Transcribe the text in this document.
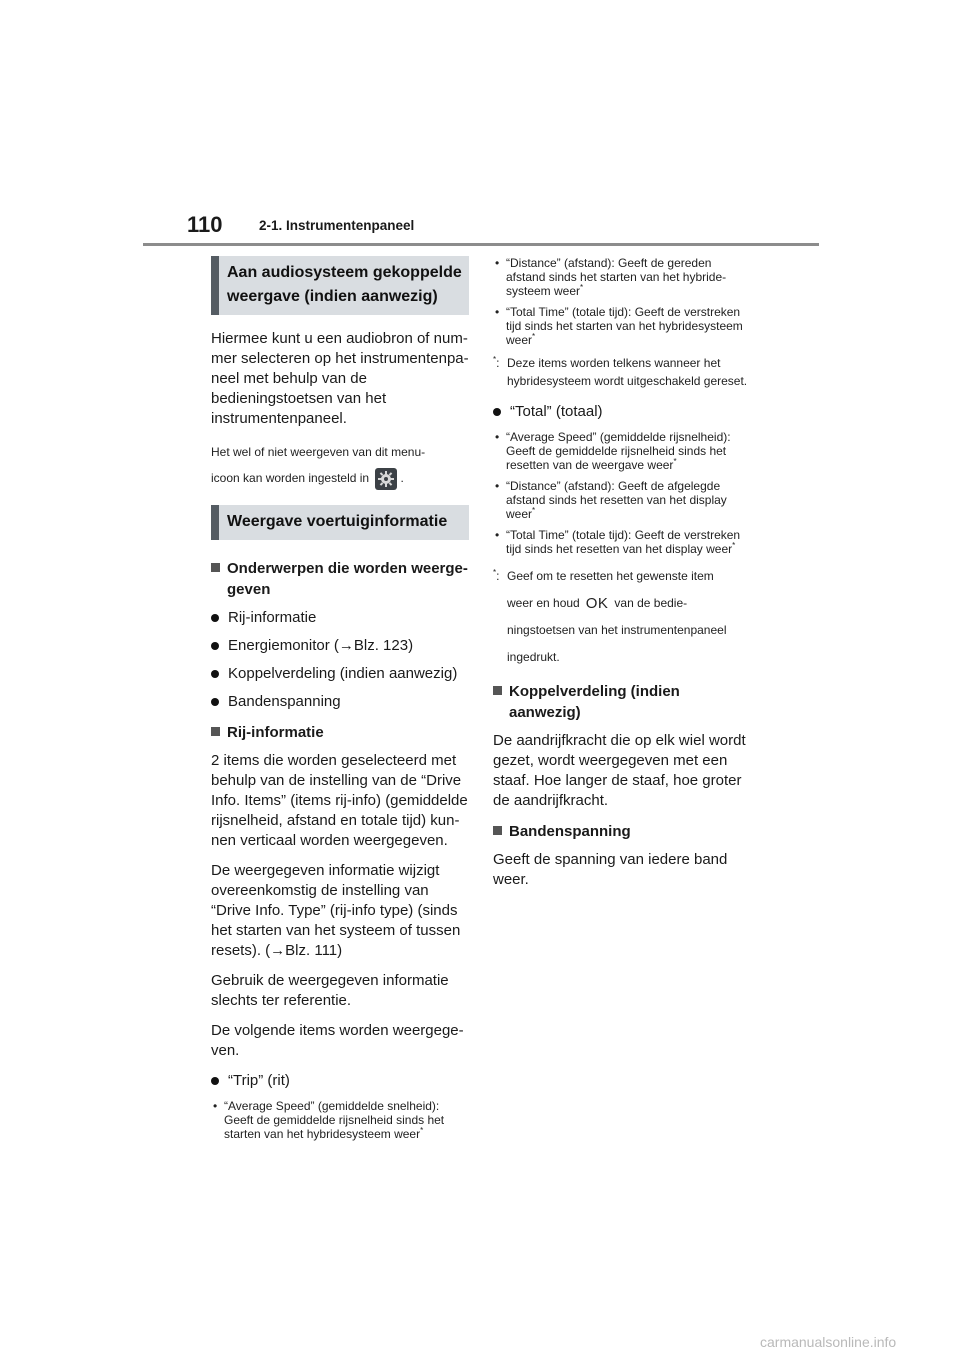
110	2-1. Instrumentenpaneel
Aan audiosysteem gekoppelde weergave (indien aanwezig)

Hiermee kunt u een audiobron of nummer selecteren op het instrumentenpaneel met behulp van de bedieningstoetsen van het instrumentenpaneel.

Het wel of niet weergeven van dit menu-

icoon kan worden ingesteld in	.

Weergave voertuiginformatie
Onderwerpen die worden weergegeven
Rij-informatie
Energiemonitor (→Blz. 123)
Koppelverdeling (indien aanwezig)
Bandenspanning
Rij-informatie

2 items die worden geselecteerd met behulp van de instelling van de “Drive Info. Items” (items rij-info) (gemiddelde rijsnelheid, afstand en totale tijd) kunnen verticaal worden weergegeven.

De weergegeven informatie wijzigt overeenkomstig de instelling van “Drive Info. Type” (rij-info type) (sinds het starten van het systeem of tussen resets). (→Blz. 111)

Gebruik de weergegeven informatie slechts ter referentie.

De volgende items worden weergegeven.

“Trip” (rit)
• “Average Speed” (gemiddelde snelheid): Geeft de gemiddelde rijsnelheid sinds het starten van het hybridesysteem weer*
• “Distance” (afstand): Geeft de gereden afstand sinds het starten van het hybridesysteem weer*
• “Total Time” (totale tijd): Geeft de verstreken tijd sinds het starten van het hybridesysteem weer*
*: Deze items worden telkens wanneer het hybridesysteem wordt uitgeschakeld gereset.
“Total” (totaal)
• “Average Speed” (gemiddelde rijsnelheid): Geeft de gemiddelde rijsnelheid sinds het resetten van de weergave weer*
• “Distance” (afstand): Geeft de afgelegde afstand sinds het resetten van het display weer*
• “Total Time” (totale tijd): Geeft de verstreken tijd sinds het resetten van het display weer*
*: Geef om te resetten het gewenste item
weer en houd OK van de bedie-
ningstoetsen van het instrumentenpaneel
ingedrukt.
Koppelverdeling (indien aanwezig)

De aandrijfkracht die op elk wiel wordt gezet, wordt weergegeven met een staaf. Hoe langer de staaf, hoe groter de aandrijfkracht.

Bandenspanning

Geeft de spanning van iedere band weer.

carmanualsonline.info
